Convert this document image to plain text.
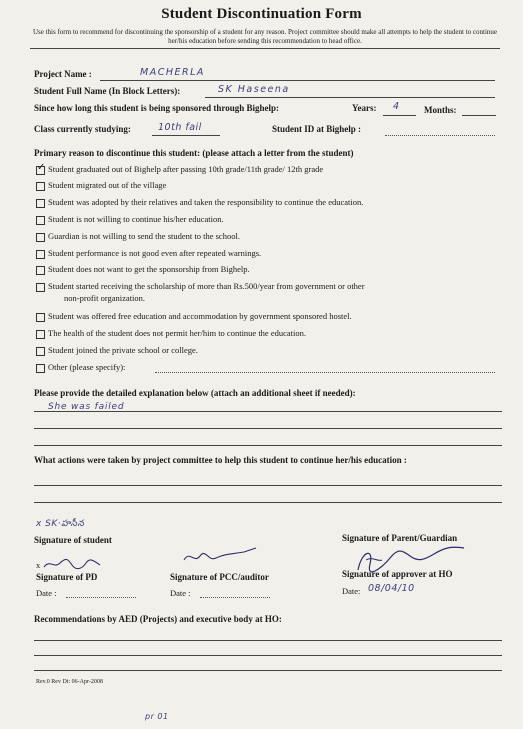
Student Discontinuation Form
Use this form to recommend for discontinuing the sponsorship of a student for any reason. Project committee should make all attempts to help the student to continue her/his education before sending this recommendation to head office.
Project Name :	MACHERLA
Student Full Name (In Block Letters):	SK Haseena
Since how long this student is being sponsored through Bighelp:	Years: 4	Months:
Class currently studying:	10th fail	Student ID at Bighelp :
Primary reason to discontinue this student: (please attach a letter from the student)
✓ Student graduated out of Bighelp after passing 10th grade/11th grade/ 12th grade
Student migrated out of the village
Student was adopted by their relatives and taken the responsibility to continue the education.
Student is not willing to continue his/her education.
Guardian is not willing to send the student to the school.
Student performance is not good even after repeated warnings.
Student does not want to get the sponsorship from Bighelp.
Student started receiving the scholarship of more than Rs.500/year from government or other
non-profit organization.
Student was offered free education and accommodation by government sponsored hostel.
The health of the student does not permit her/him to continue the education.
Student joined the private school or college.
Other (please specify):
Please provide the detailed explanation below (attach an additional sheet if needed):
She was failed
What actions were taken by project committee to help this student to continue her/his education :
x SK·హసీన
Signature of student	Signature of Parent/Guardian
x
Signature of PD
Date :
Signature of PCC/auditor
Date :
Signature of approver at HO
Date: 08/04/10
Recommendations by AED (Projects) and executive body at HO:
Rev.0 Rev Dt: 06-Apr-2008
pr 01
